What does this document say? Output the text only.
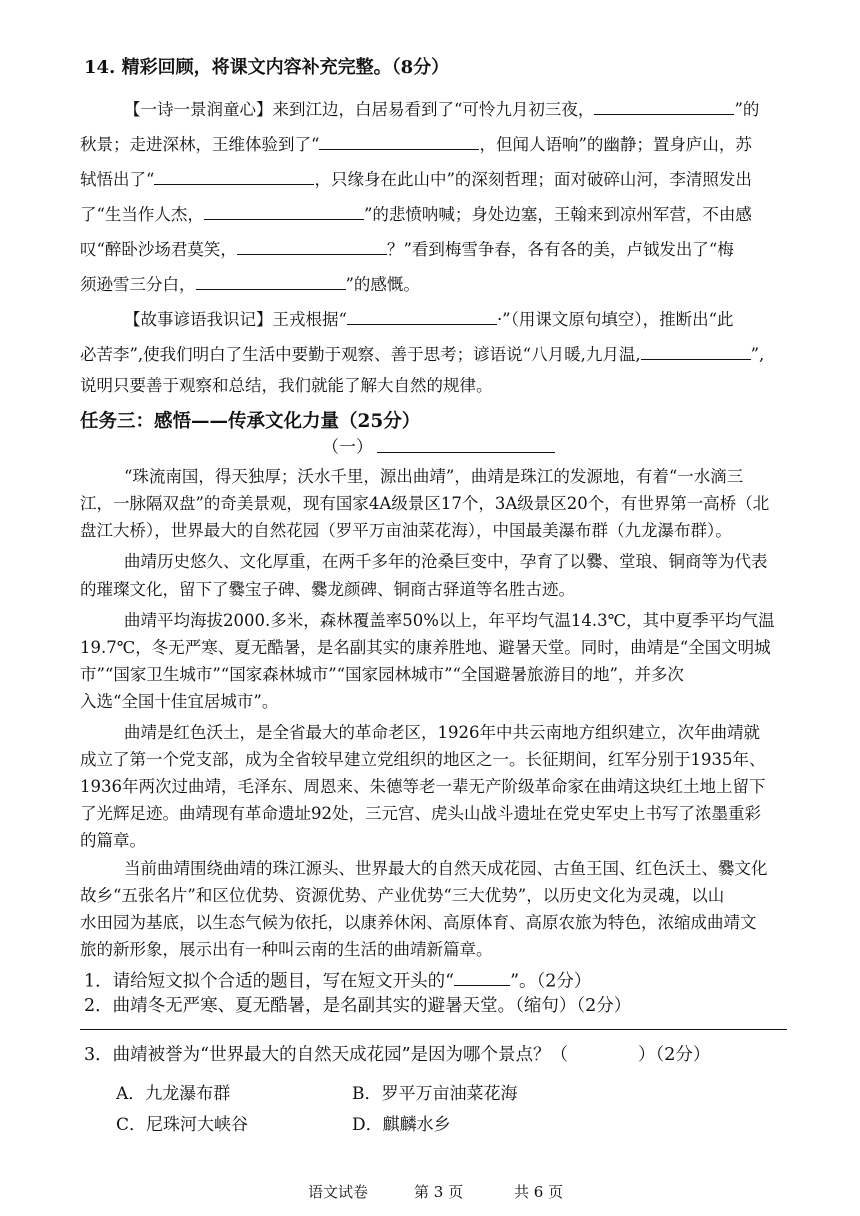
14. 精彩回顾，将课文内容补充完整。（8分）
【一诗一景润童心】来到江边，白居易看到了“可怜九月初三夜，	”的
秋景；走进深林，王维体验到了“	，但闻人语响”的幽静；置身庐山，苏
轼悟出了“	，只缘身在此山中”的深刻哲理；面对破碎山河，李清照发出
了“生当作人杰，	”的悲愤呐喊；身处边塞，王翰来到凉州军营，不由感
叹“醉卧沙场君莫笑，	？”看到梅雪争春，各有各的美，卢钺发出了“梅
须逊雪三分白，	”的感慨。
【故事谚语我识记】王戎根据“	·”（用课文原句填空），推断出“此
必苦李”,使我们明白了生活中要勤于观察、善于思考；谚语说“八月暖,九月温,	”,
说明只要善于观察和总结，我们就能了解大自然的规律。
任务三：感悟——传承文化力量（25分）
（一）
“珠流南国，得天独厚；沃水千里，源出曲靖”，曲靖是珠江的发源地，有着“一水滴三
江，一脉隔双盘”的奇美景观，现有国家4A级景区17个，3A级景区20个，有世界第一高桥（北
盘江大桥），世界最大的自然花园（罗平万亩油菜花海），中国最美瀑布群（九龙瀑布群）。
曲靖历史悠久、文化厚重，在两千多年的沧桑巨变中，孕育了以爨、堂琅、铜商等为代表
的璀璨文化，留下了爨宝子碑、爨龙颜碑、铜商古驿道等名胜古迹。
曲靖平均海拔2000.多米，森林覆盖率50%以上，年平均气温14.3℃，其中夏季平均气温
19.7℃，冬无严寒、夏无酷暑，是名副其实的康养胜地、避暑天堂。同时，曲靖是“全国文明城
市”“国家卫生城市”“国家森林城市”“国家园林城市”“全国避暑旅游目的地”，并多次
入选“全国十佳宜居城市”。
曲靖是红色沃土，是全省最大的革命老区，1926年中共云南地方组织建立，次年曲靖就
成立了第一个党支部，成为全省较早建立党组织的地区之一。长征期间，红军分别于1935年、
1936年两次过曲靖，毛泽东、周恩来、朱德等老一辈无产阶级革命家在曲靖这块红土地上留下
了光辉足迹。曲靖现有革命遗址92处，三元宫、虎头山战斗遗址在党史军史上书写了浓墨重彩
的篇章。
当前曲靖围绕曲靖的珠江源头、世界最大的自然天成花园、古鱼王国、红色沃土、爨文化
故乡“五张名片”和区位优势、资源优势、产业优势“三大优势”，以历史文化为灵魂，以山
水田园为基底，以生态气候为依托，以康养休闲、高原体育、高原农旅为特色，浓缩成曲靖文
旅的新形象，展示出有一种叫云南的生活的曲靖新篇章。
1．请给短文拟个合适的题目，写在短文开头的“	”。（2分）
2．曲靖冬无严寒、夏无酷暑，是名副其实的避暑天堂。（缩句）（2分）
3．曲靖被誉为“世界最大的自然天成花园”是因为哪个景点？（　　　　）（2分）
A．九龙瀑布群	B．罗平万亩油菜花海
C．尼珠河大峡谷	D．麒麟水乡
语文试卷	第 3 页	共 6 页
